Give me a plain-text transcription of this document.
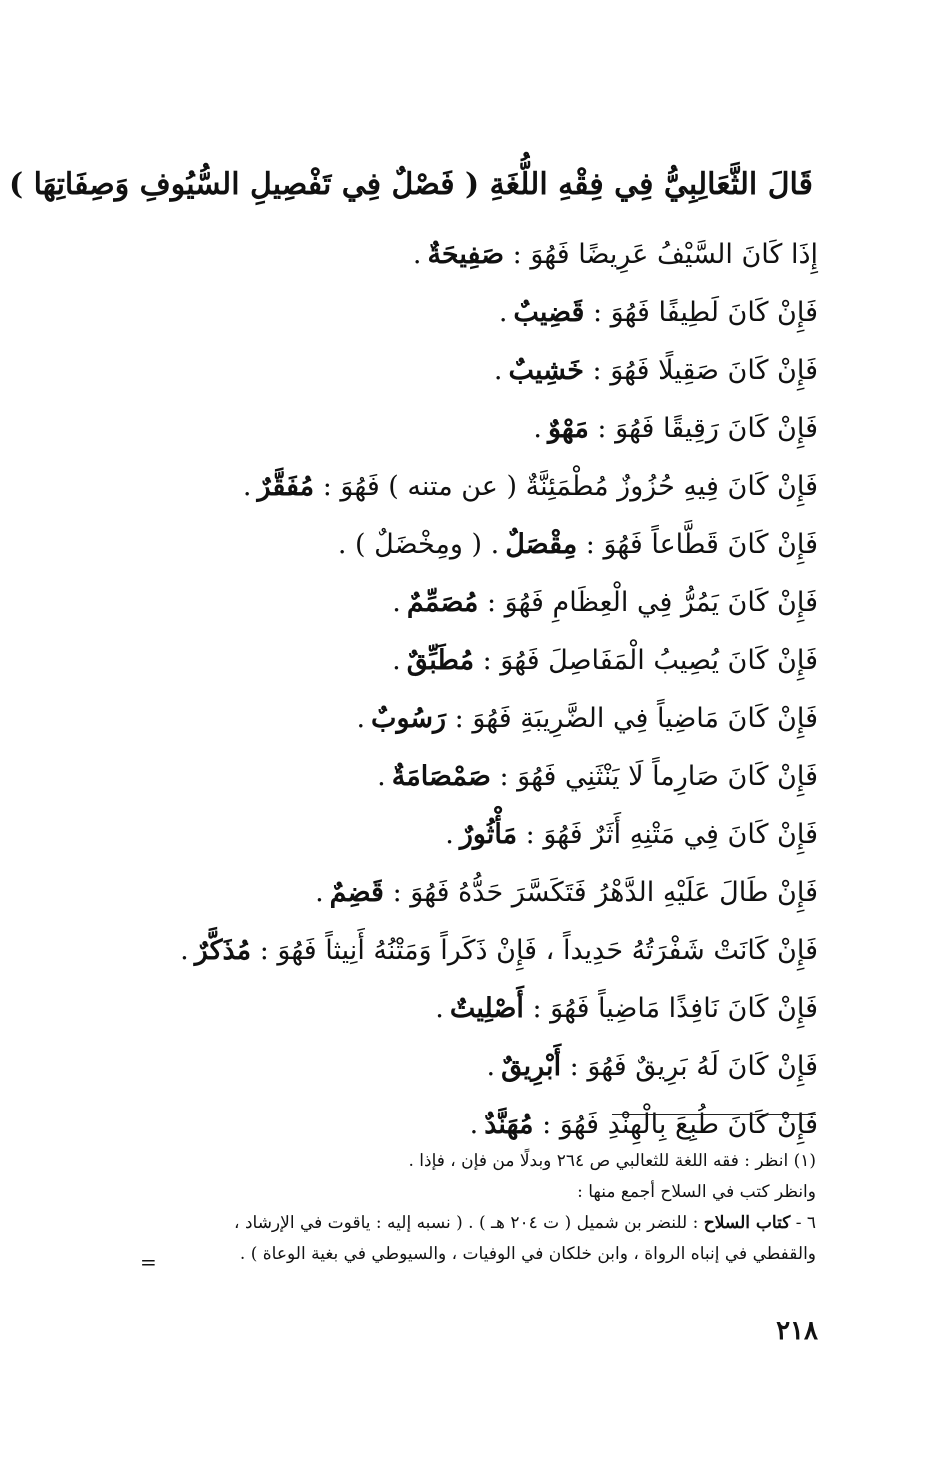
قَالَ الثَّعَالِبِيُّ فِي فِقْهِ اللُّغَةِ ( فَصْلٌ فِي تَفْصِيلِ السُّيُوفِ وَصِفَاتِهَا )
إِذَا كَانَ السَّيْفُ عَرِيضًا فَهُوَ : صَفِيحَةٌ.
فَإِنْ كَانَ لَطِيفًا فَهُوَ : قَضِيبٌ.
فَإِنْ كَانَ صَقِيلًا فَهُوَ : خَشِيبٌ.
فَإِنْ كَانَ رَقِيقًا فَهُوَ : مَهْوٌ.
فَإِنْ كَانَ فِيهِ حُزُوزٌ مُطْمَئِنَّةٌ ( عن متنه ) فَهُوَ : مُفَقَّرٌ.
فَإِنْ كَانَ قَطَّاعاً فَهُوَ : مِقْصَلٌ. ( ومِخْضَلٌ ) .
فَإِنْ كَانَ يَمُرُّ فِي الْعِظَامِ فَهُوَ : مُصَمِّمٌ.
فَإِنْ كَانَ يُصِيبُ الْمَفَاصِلَ فَهُوَ : مُطَبِّقٌ.
فَإِنْ كَانَ مَاضِياً فِي الضَّرِيبَةِ فَهُوَ : رَسُوبٌ.
فَإِنْ كَانَ صَارِماً لَا يَنْثَنِي فَهُوَ : صَمْصَامَةٌ.
فَإِنْ كَانَ فِي مَتْنِهِ أَثَرٌ فَهُوَ : مَأْثُورٌ.
فَإِنْ طَالَ عَلَيْهِ الدَّهْرُ فَتَكَسَّرَ حَدُّهُ فَهُوَ : قَضِمٌ.
فَإِنْ كَانَتْ شَفْرَتُهُ حَدِيداً ، فَإِنْ ذَكَراً وَمَتْنُهُ أَنِيثاً فَهُوَ : مُذَكَّرٌ.
فَإِنْ كَانَ نَافِذًا مَاضِياً فَهُوَ : أَصْلِيتٌ.
فَإِنْ كَانَ لَهُ بَرِيقٌ فَهُوَ : أَبْرِيقٌ.
فَإِنْ كَانَ طُبِعَ بِالْهِنْدِ فَهُوَ : مُهَنَّدٌ.
(١) انظر : فقه اللغة للثعالبي ص ٢٦٤ وبدلًا من فإن ، فإذا .
وانظر كتب في السلاح أجمع منها :
٦ - كتاب السلاح : للنضر بن شميل ( ت ٢٠٤ هـ ) . ( نسبه إليه : ياقوت في الإرشاد ،
والقفطي في إنباه الرواة ، وابن خلكان في الوفيات ، والسيوطي في بغية الوعاة ) .
=
٢١٨
